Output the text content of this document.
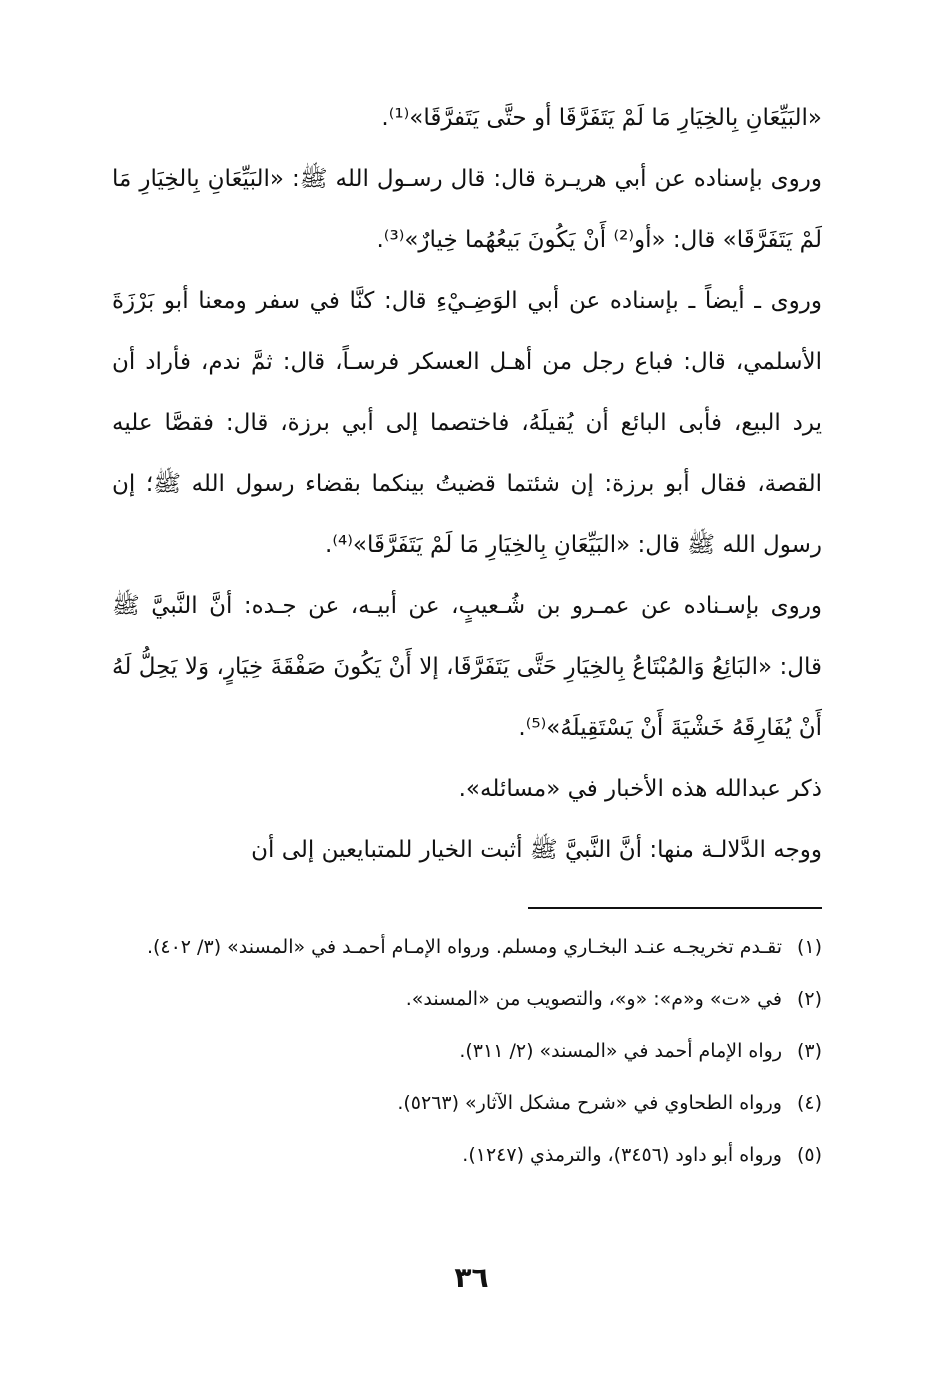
«البَيِّعَانِ بِالخِيَارِ مَا لَمْ يَتَفَرَّقَا أو حتَّى يَتَفرَّقَا»⁽¹⁾.

وروى بإسناده عن أبي هريـرة قال: قال رسـول الله ﷺ: «البَيِّعَانِ بِالخِيَارِ مَا لَمْ يَتَفَرَّقَا» قال: «أو⁽²⁾ أَنْ يَكُونَ بَيعُهُما خِيارٌ»⁽³⁾.

وروى ـ أيضاً ـ بإسناده عن أبي الوَضِـيْءِ قال: كنَّا في سفر ومعنا أبو بَرْزَةَ الأسلمي، قال: فباع رجل من أهـل العسكر فرسـاً، قال: ثمَّ ندم، فأراد أن يرد البيع، فأبى البائع أن يُقيلَهُ، فاختصما إلى أبي برزة، قال: فقصَّا عليه القصة، فقال أبو برزة: إن شئتما قضيتُ بينكما بقضاء رسول الله ﷺ؛ إن رسول الله ﷺ قال: «البَيِّعَانِ بِالخِيَارِ مَا لَمْ يَتَفَرَّقَا»⁽⁴⁾.

وروى بإسـناده عن عمـرو بن شُـعيبٍ، عن أبيـه، عن جـده: أنَّ النَّبيَّ ﷺ قال: «البَائِعُ وَالمُبْتَاعُ بِالخِيَارِ حَتَّى يَتَفَرَّقَا، إلا أَنْ يَكُونَ صَفْقَةَ خِيَارٍ، وَلا يَحِلُّ لَهُ أَنْ يُفَارِقَهُ خَشْيَةَ أَنْ يَسْتَقِيلَهُ»⁽⁵⁾.

ذكر عبدالله هذه الأخبار في «مسائله».

ووجه الدَّلالـة منها: أنَّ النَّبيَّ ﷺ أثبت الخيار للمتبايعين إلى أن

(١)
تقـدم تخريجـه عنـد البخـاري ومسلم. ورواه الإمـام أحمـد في «المسند» (٣/ ٤٠٢).
(٢)
في «ت» و«م»: «و»، والتصويب من «المسند».
(٣)
رواه الإمام أحمد في «المسند» (٢/ ٣١١).
(٤)
ورواه الطحاوي في «شرح مشكل الآثار» (٥٢٦٣).
(٥)
ورواه أبو داود (٣٤٥٦)، والترمذي (١٢٤٧).
٣٦
